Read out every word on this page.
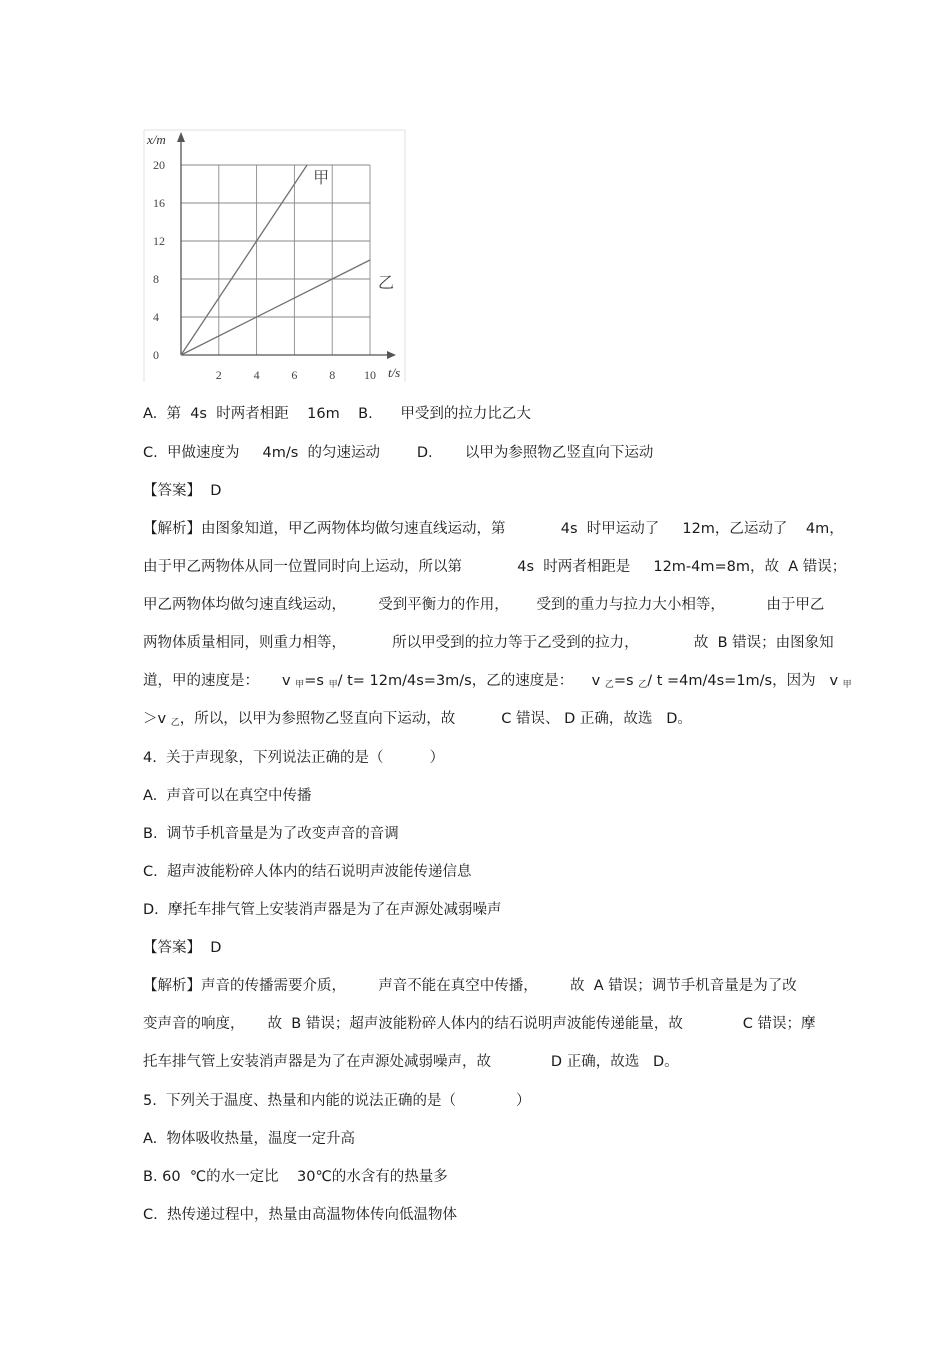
x/m
t/s
0
4
8
12
16
20
2	4	6	8 10
甲
乙
A.  第  4s  时两者相距    16m    B.      甲受到的拉力比乙大
C.  甲做速度为     4m/s  的匀速运动        D.       以甲为参照物乙竖直向下运动
【答案】  D
【解析】由图象知道，甲乙两物体均做匀速直线运动，第            4s  时甲运动了     12m，乙运动了    4m，
由于甲乙两物体从同一位置同时向上运动，所以第            4s  时两者相距是     12m-4m=8m，故  A 错误；
甲乙两物体均做匀速直线运动，       受到平衡力的作用，      受到的重力与拉力大小相等，         由于甲乙
两物体质量相同，则重力相等，          所以甲受到的拉力等于乙受到的拉力，            故  B 错误；由图象知
道，甲的速度是：     v $_甲$=s $_甲$/ t= 12m/4s=3m/s，乙的速度是：    v $_乙$=s $_乙$/ t =4m/4s=1m/s，因为   v $_甲$
＞v $_乙$，所以，以甲为参照物乙竖直向下运动，故          C 错误、 D 正确，故选   D。
4.  关于声现象，下列说法正确的是（          ）
A.  声音可以在真空中传播
B.  调节手机音量是为了改变声音的音调
C.  超声波能粉碎人体内的结石说明声波能传递信息
D.  摩托车排气管上安装消声器是为了在声源处减弱噪声
【答案】  D
【解析】声音的传播需要介质，       声音不能在真空中传播，       故  A 错误；调节手机音量是为了改
变声音的响度，     故  B 错误；超声波能粉碎人体内的结石说明声波能传递能量，故             C 错误；摩
托车排气管上安装消声器是为了在声源处减弱噪声，故             D 正确，故选   D。
5.  下列关于温度、热量和内能的说法正确的是（             ）
A.  物体吸收热量，温度一定升高
B. 60  ℃的水一定比    30℃的水含有的热量多
C.  热传递过程中，热量由高温物体传向低温物体
